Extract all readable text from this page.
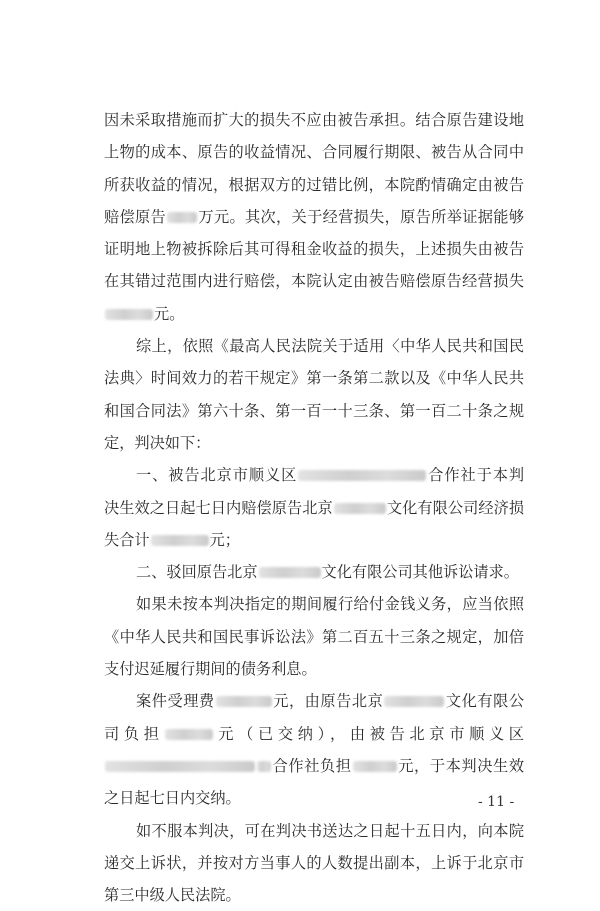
因未采取措施而扩大的损失不应由被告承担。结合原告建设地上物的成本、原告的收益情况、合同履行期限、被告从合同中所获收益的情况，根据双方的过错比例，本院酌情确定由被告赔偿原告 万元。其次，关于经营损失，原告所举证据能够证明地上物被拆除后其可得租金收益的损失，上述损失由被告在其错过范围内进行赔偿，本院认定由被告赔偿原告经营损失元。

综上，依照《最高人民法院关于适用〈中华人民共和国民法典〉时间效力的若干规定》第一条第二款以及《中华人民共和国合同法》第六十条、第一百一十三条、第一百二十条之规定，判决如下：

一、被告北京市顺义区	合作社于本判决生效之日起七日内赔偿原告北京	文化有限公司经济损失合计	元；

二、驳回原告北京	文化有限公司其他诉讼请求。

如果未按本判决指定的期间履行给付金钱义务，应当依照《中华人民共和国民事诉讼法》第二百五十三条之规定，加倍支付迟延履行期间的债务利息。

案件受理费	元，由原告北京	文化有限公司负担	元（已交纳），由被告北京市顺义区合作社负担	元，于本判决生效之日起七日内交纳。

如不服本判决，可在判决书送达之日起十五日内，向本院递交上诉状，并按对方当事人的人数提出副本，上诉于北京市第三中级人民法院。

- 11 -
